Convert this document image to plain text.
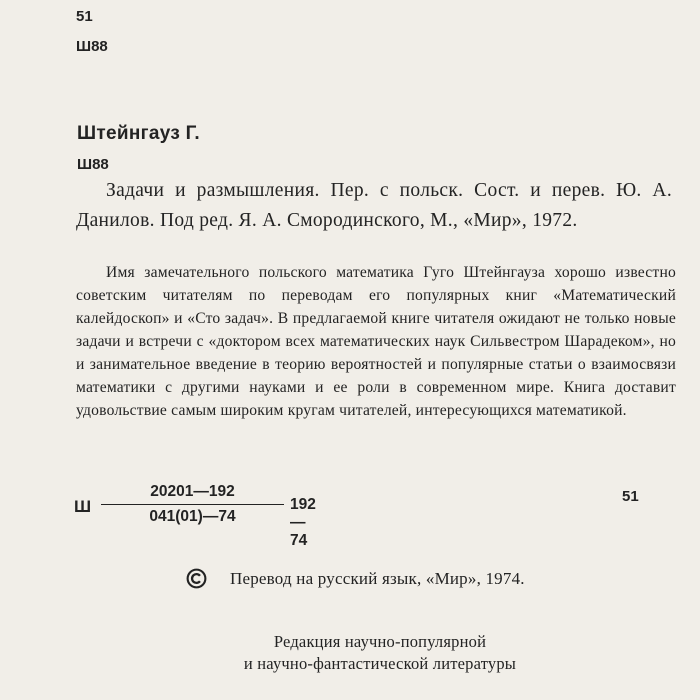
51
Ш88
Штейнгауз Г.
Ш88
Задачи и размышления. Пер. с польск. Сост. и перев. Ю. А. Данилов. Под ред. Я. А. Смородинского, М., «Мир», 1972.
Имя замечательного польского математика Гуго Штейнгауза хорошо известно советским читателям по переводам его популярных книг «Математический калейдоскоп» и «Сто задач». В предлагаемой книге читателя ожидают не только новые задачи и встречи с «доктором всех математических наук Сильвестром Шарадеком», но и занимательное введение в теорию вероятностей и популярные статьи о взаимосвязи математики с другими науками и ее роли в современном мире. Книга доставит удовольствие самым широким кругам читателей, интересующихся математикой.
Ш
20201—192
041(01)—74
192—74
51
Перевод на русский язык, «Мир», 1974.
Редакция научно-популярной
и научно-фантастической литературы
